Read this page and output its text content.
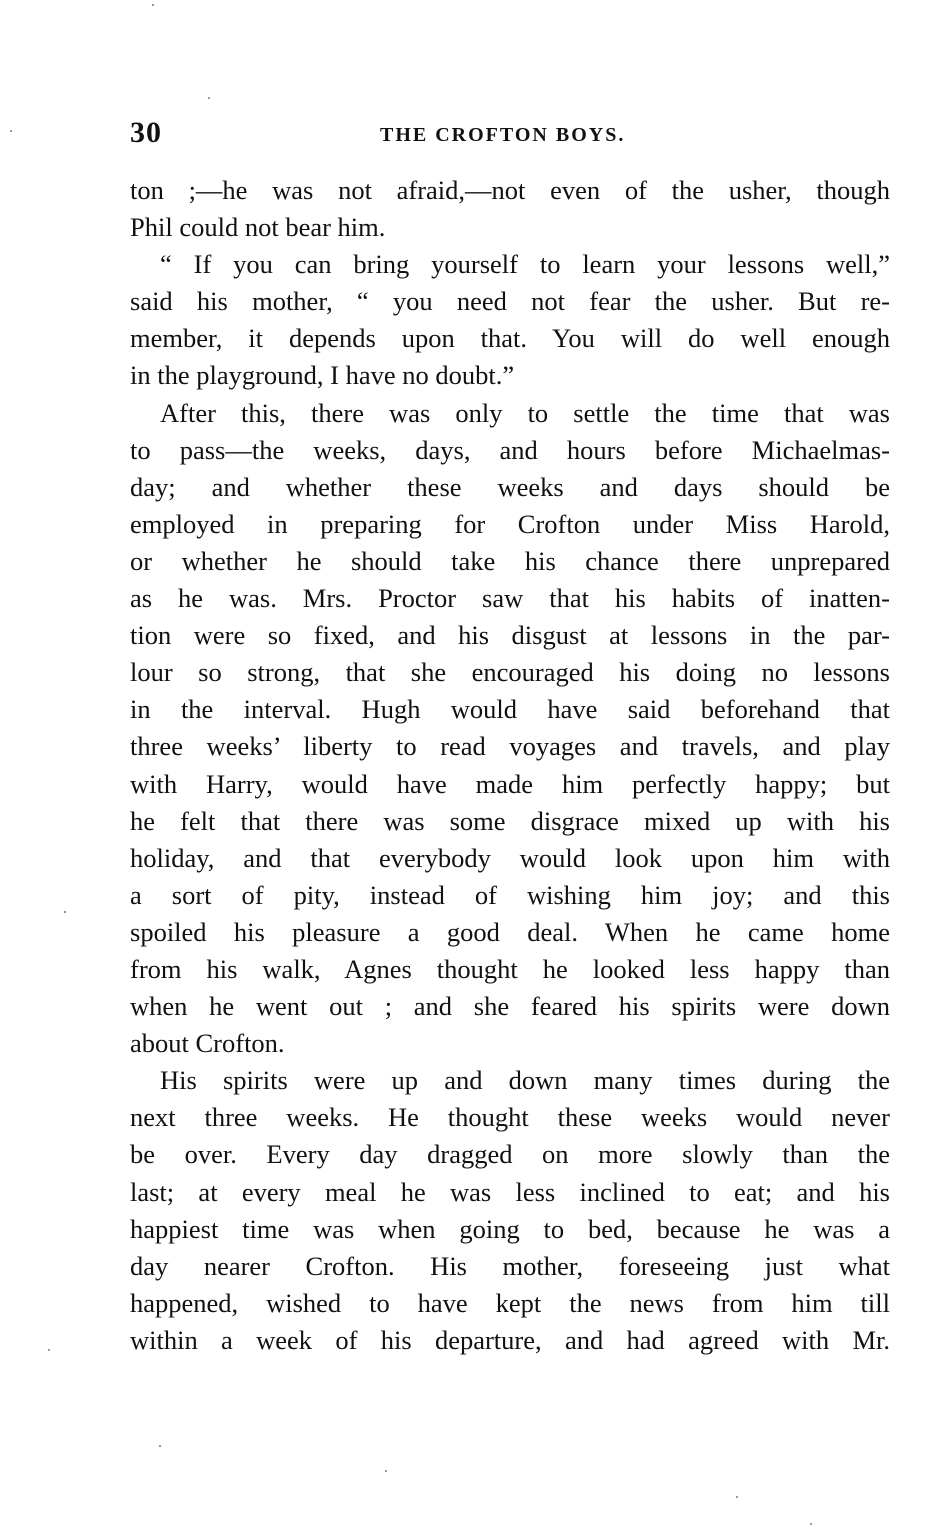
30	THE CROFTON BOYS.
ton ;—he was not afraid,—not even of the usher, though
Phil could not bear him.
“ If you can bring yourself to learn your lessons well,”
said his mother, “ you need not fear the usher. But re-
member, it depends upon that. You will do well enough
in the playground, I have no doubt.”
After this, there was only to settle the time that was
to pass—the weeks, days, and hours before Michaelmas-
day; and whether these weeks and days should be
employed in preparing for Crofton under Miss Harold,
or whether he should take his chance there unprepared
as he was. Mrs. Proctor saw that his habits of inatten-
tion were so fixed, and his disgust at lessons in the par-
lour so strong, that she encouraged his doing no lessons
in the interval. Hugh would have said beforehand that
three weeks’ liberty to read voyages and travels, and play
with Harry, would have made him perfectly happy; but
he felt that there was some disgrace mixed up with his
holiday, and that everybody would look upon him with
a sort of pity, instead of wishing him joy; and this
spoiled his pleasure a good deal. When he came home
from his walk, Agnes thought he looked less happy than
when he went out ; and she feared his spirits were down
about Crofton.
His spirits were up and down many times during the
next three weeks. He thought these weeks would never
be over. Every day dragged on more slowly than the
last; at every meal he was less inclined to eat; and his
happiest time was when going to bed, because he was a
day nearer Crofton. His mother, foreseeing just what
happened, wished to have kept the news from him till
within a week of his departure, and had agreed with Mr.
